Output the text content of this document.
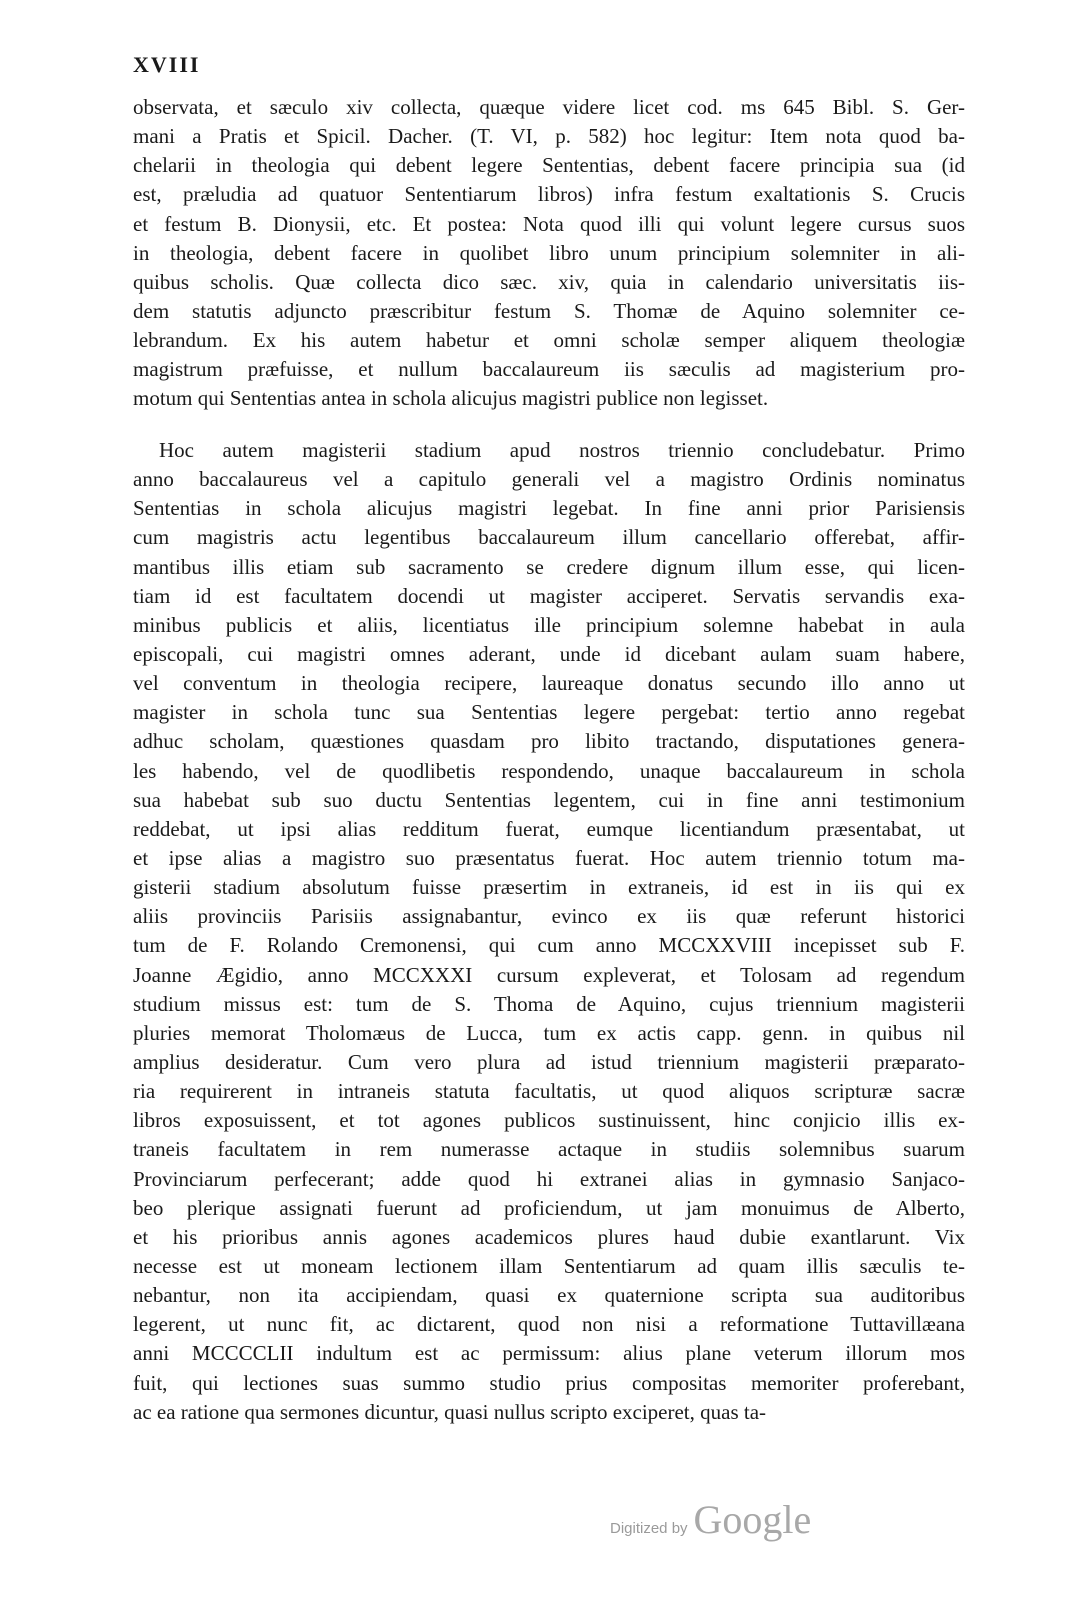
XVIII
observata, et sæculo xiv collecta, quæque videre licet cod. ms 645 Bibl. S. Ger-
mani a Pratis et Spicil. Dacher. (T. VI, p. 582) hoc legitur: Item nota quod ba-
chelarii in theologia qui debent legere Sententias, debent facere principia sua (id
est, præludia ad quatuor Sententiarum libros) infra festum exaltationis S. Crucis
et festum B. Dionysii, etc. Et postea: Nota quod illi qui volunt legere cursus suos
in theologia, debent facere in quolibet libro unum principium solemniter in ali-
quibus scholis. Quæ collecta dico sæc. xiv, quia in calendario universitatis iis-
dem statutis adjuncto præscribitur festum S. Thomæ de Aquino solemniter ce-
lebrandum. Ex his autem habetur et omni scholæ semper aliquem theologiæ
magistrum præfuisse, et nullum baccalaureum iis sæculis ad magisterium pro-
motum qui Sententias antea in schola alicujus magistri publice non legisset.
Hoc autem magisterii stadium apud nostros triennio concludebatur. Primo
anno baccalaureus vel a capitulo generali vel a magistro Ordinis nominatus
Sententias in schola alicujus magistri legebat. In fine anni prior Parisiensis
cum magistris actu legentibus baccalaureum illum cancellario offerebat, affir-
mantibus illis etiam sub sacramento se credere dignum illum esse, qui licen-
tiam id est facultatem docendi ut magister acciperet. Servatis servandis exa-
minibus publicis et aliis, licentiatus ille principium solemne habebat in aula
episcopali, cui magistri omnes aderant, unde id dicebant aulam suam habere,
vel conventum in theologia recipere, laureaque donatus secundo illo anno ut
magister in schola tunc sua Sententias legere pergebat: tertio anno regebat
adhuc scholam, quæstiones quasdam pro libito tractando, disputationes genera-
les habendo, vel de quodlibetis respondendo, unaque baccalaureum in schola
sua habebat sub suo ductu Sententias legentem, cui in fine anni testimonium
reddebat, ut ipsi alias redditum fuerat, eumque licentiandum præsentabat, ut
et ipse alias a magistro suo præsentatus fuerat. Hoc autem triennio totum ma-
gisterii stadium absolutum fuisse præsertim in extraneis, id est in iis qui ex
aliis provinciis Parisiis assignabantur, evinco ex iis quæ referunt historici
tum de F. Rolando Cremonensi, qui cum anno MCCXXVIII incepisset sub F.
Joanne Ægidio, anno MCCXXXI cursum expleverat, et Tolosam ad regendum
studium missus est: tum de S. Thoma de Aquino, cujus triennium magisterii
pluries memorat Tholomæus de Lucca, tum ex actis capp. genn. in quibus nil
amplius desideratur. Cum vero plura ad istud triennium magisterii præparato-
ria requirerent in intraneis statuta facultatis, ut quod aliquos scripturæ sacræ
libros exposuissent, et tot agones publicos sustinuissent, hinc conjicio illis ex-
traneis facultatem in rem numerasse actaque in studiis solemnibus suarum
Provinciarum perfecerant; adde quod hi extranei alias in gymnasio Sanjaco-
beo plerique assignati fuerunt ad proficiendum, ut jam monuimus de Alberto,
et his prioribus annis agones academicos plures haud dubie exantlarunt. Vix
necesse est ut moneam lectionem illam Sententiarum ad quam illis sæculis te-
nebantur, non ita accipiendam, quasi ex quaternione scripta sua auditoribus
legerent, ut nunc fit, ac dictarent, quod non nisi a reformatione Tuttavillæana
anni MCCCCLII indultum est ac permissum: alius plane veterum illorum mos
fuit, qui lectiones suas summo studio prius compositas memoriter proferebant,
ac ea ratione qua sermones dicuntur, quasi nullus scripto exciperet, quas ta-
Digitized by Google
